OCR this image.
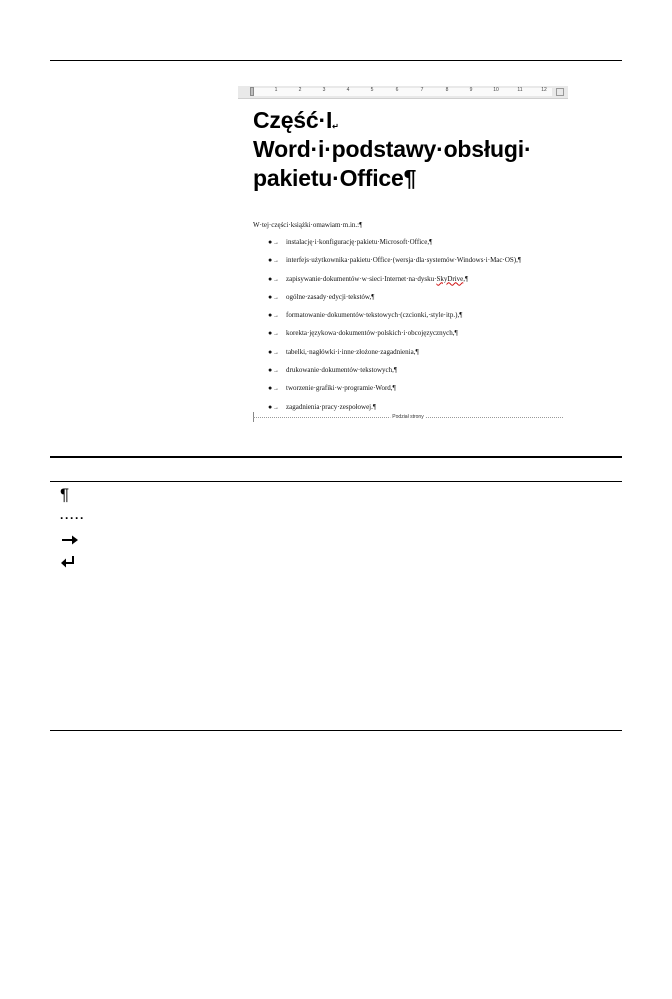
1	2	3	4	5	6	7	8	9	10	11	12
Część·I↵
Word·i·podstawy·obsługi·
pakietu·Office¶
W·tej·części·książki·omawiam·m.in.:¶
●→ instalację·i·konfigurację·pakietu·Microsoft·Office,¶
●→ interfejs·użytkownika·pakietu·Office·(wersja·dla·systemów·Windows·i·Mac·OS),¶
●→ zapisywanie·dokumentów·w·sieci·Internet·na·dysku·SkyDrive,¶
●→ ogólne·zasady·edycji·tekstów,¶
●→ formatowanie·dokumentów·tekstowych·(czcionki,·style·itp.),¶
●→ korekta·językowa·dokumentów·polskich·i·obcojęzycznych,¶
●→ tabelki,·nagłówki·i·inne·złożone·zagadnienia,¶
●→ drukowanie·dokumentów·tekstowych,¶
●→ tworzenie·grafiki·w·programie·Word,¶
●→ zagadnienia·pracy·zespołowej.¶
Podział strony
¶
·····
